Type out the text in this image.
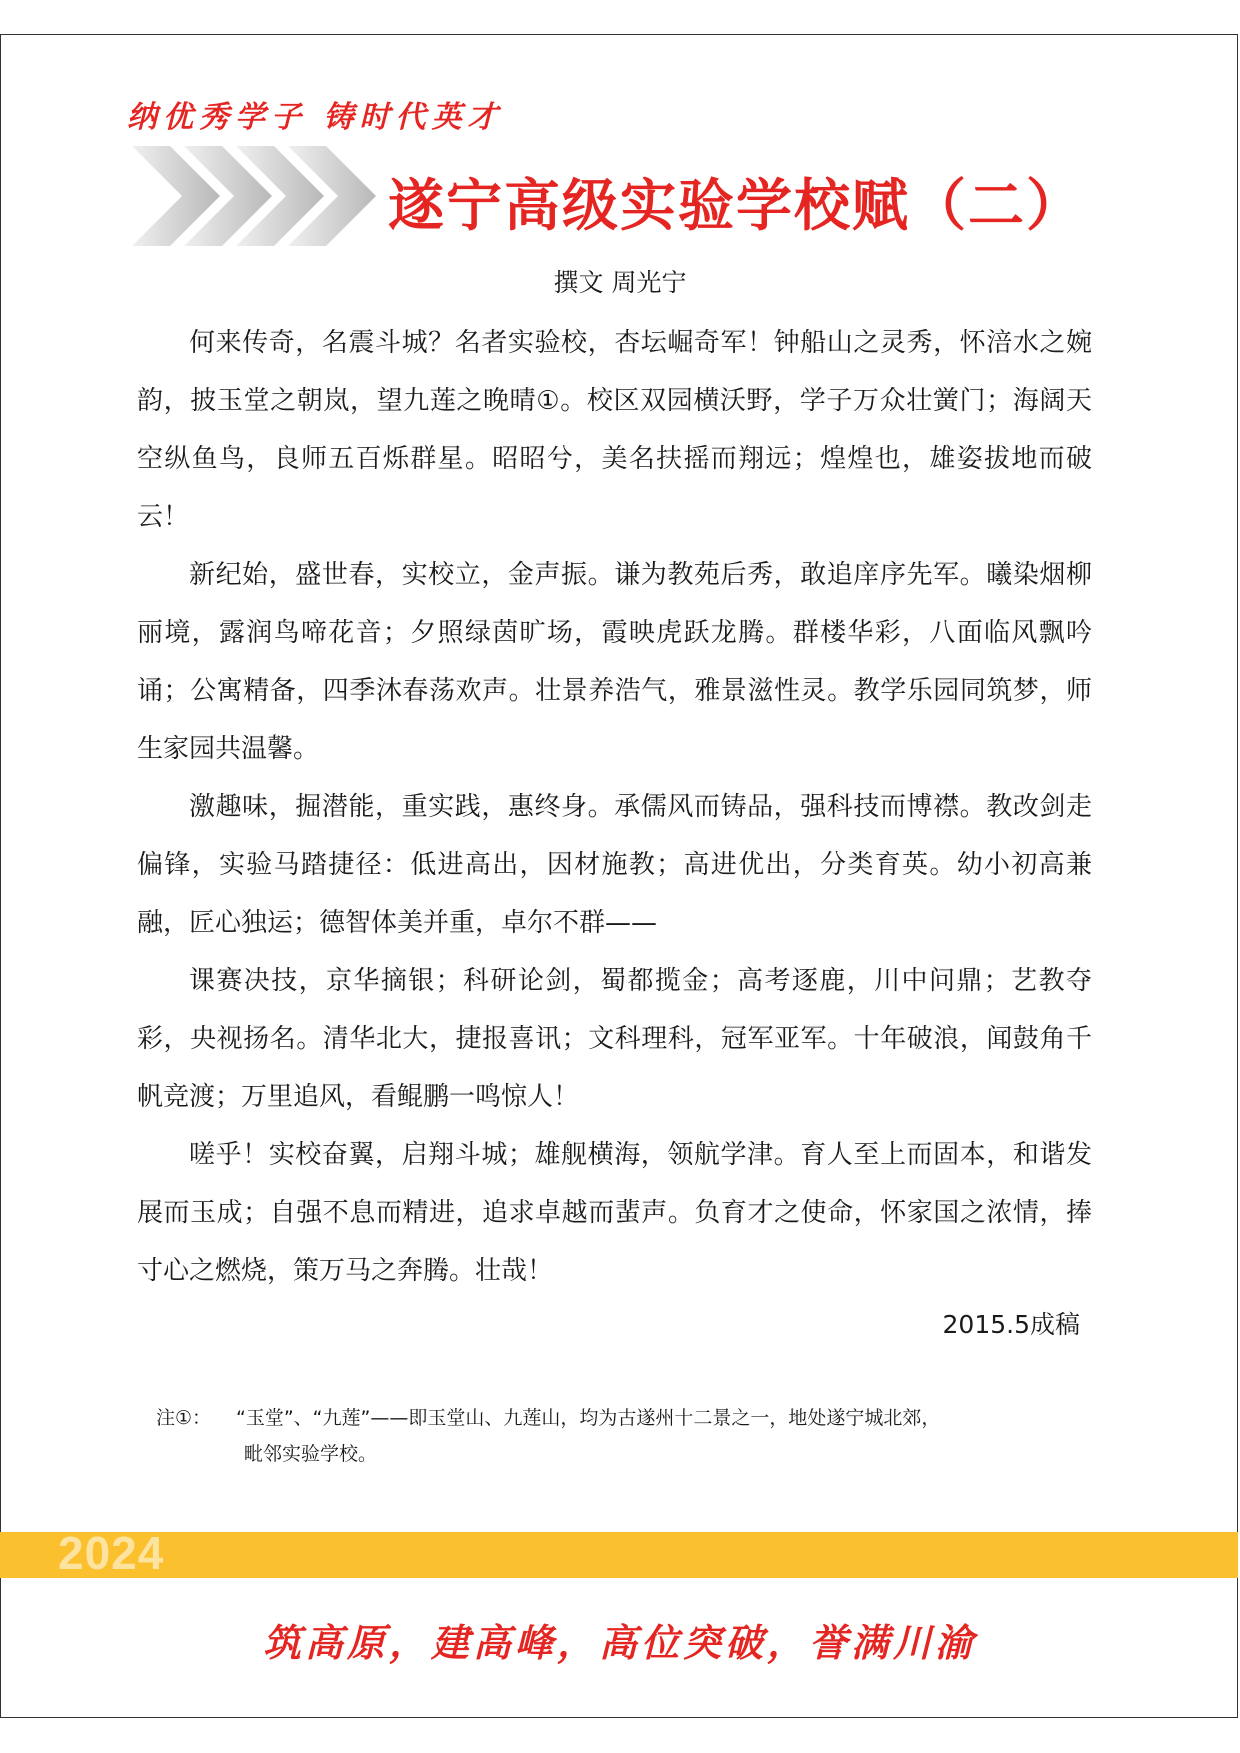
纳优秀学子 铸时代英才
遂宁高级实验学校赋（二）
撰文 周光宁

何来传奇，名震斗城？名者实验校，杏坛崛奇军！钟船山之灵秀，怀涪水之婉韵，披玉堂之朝岚，望九莲之晚晴①。校区双园横沃野，学子万众壮黉门；海阔天空纵鱼鸟，良师五百烁群星。昭昭兮，美名扶摇而翔远；煌煌也，雄姿拔地而破云！

新纪始，盛世春，实校立，金声振。谦为教苑后秀，敢追庠序先军。曦染烟柳丽境，露润鸟啼花音；夕照绿茵旷场，霞映虎跃龙腾。群楼华彩，八面临风飘吟诵；公寓精备，四季沐春荡欢声。壮景养浩气，雅景滋性灵。教学乐园同筑梦，师生家园共温馨。

激趣味，掘潜能，重实践，惠终身。承儒风而铸品，强科技而博襟。教改剑走偏锋，实验马踏捷径：低进高出，因材施教；高进优出，分类育英。幼小初高兼融，匠心独运；德智体美并重，卓尔不群——

课赛决技，京华摘银；科研论剑，蜀都揽金；高考逐鹿，川中问鼎；艺教夺彩，央视扬名。清华北大，捷报喜讯；文科理科，冠军亚军。十年破浪，闻鼓角千帆竞渡；万里追风，看鲲鹏一鸣惊人！

嗟乎！实校奋翼，启翔斗城；雄舰横海，领航学津。育人至上而固本，和谐发展而玉成；自强不息而精进，追求卓越而蜚声。负育才之使命，怀家国之浓情，捧寸心之燃烧，策万马之奔腾。壮哉！

2015.5成稿
注①： “玉堂”、“九莲”——即玉堂山、九莲山，均为古遂州十二景之一，地处遂宁城北郊，
毗邻实验学校。
2024
筑高原，建高峰，高位突破，誉满川渝
